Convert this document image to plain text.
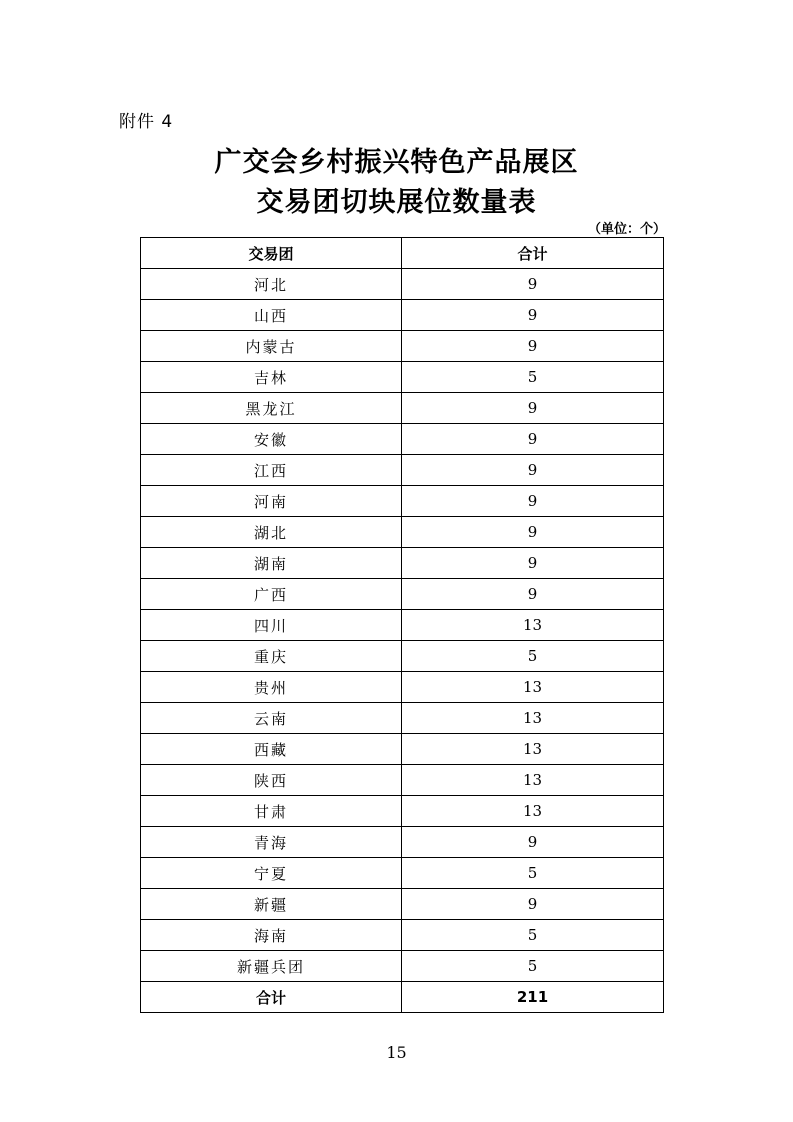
附件 4
广交会乡村振兴特色产品展区
交易团切块展位数量表
（单位：个）
交易团	合计
河北	9
山西	9
内蒙古	9
吉林	5
黑龙江	9
安徽	9
江西	9
河南	9
湖北	9
湖南	9
广西	9
四川	13
重庆	5
贵州	13
云南	13
西藏	13
陕西	13
甘肃	13
青海	9
宁夏	5
新疆	9
海南	5
新疆兵团	5
合计	211
15
